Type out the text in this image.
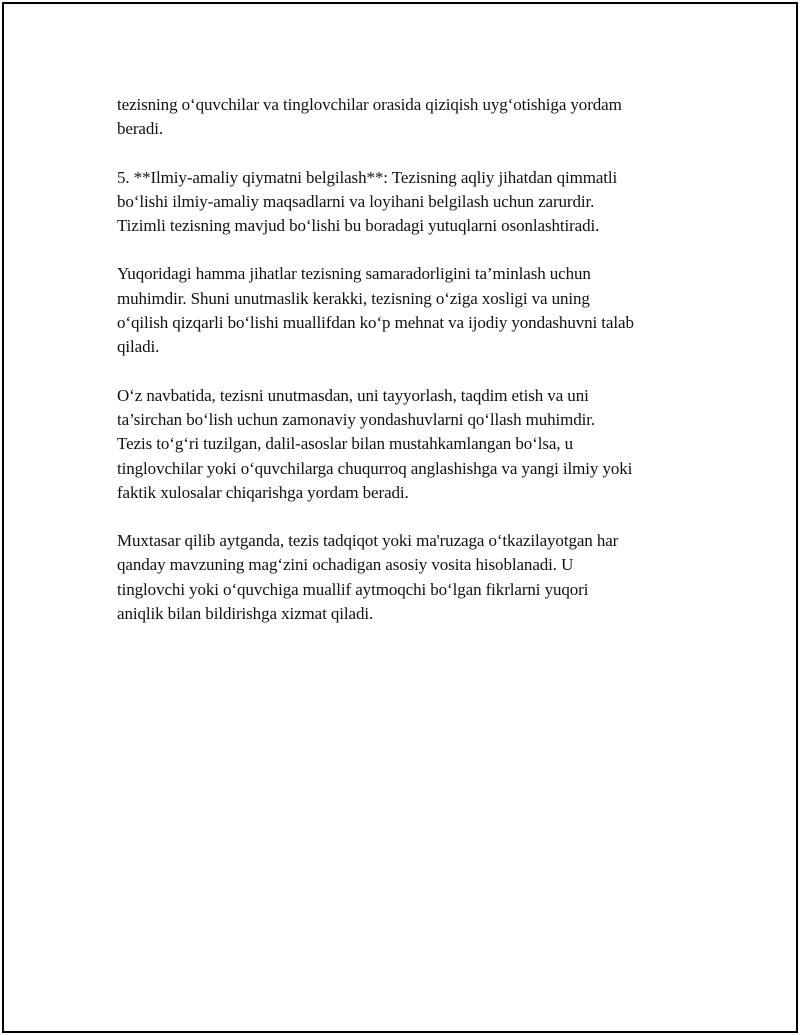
tezisning o‘quvchilar va tinglovchilar orasida qiziqish uyg‘otishiga yordam
beradi.

5. **Ilmiy-amaliy qiymatni belgilash**: Tezisning aqliy jihatdan qimmatli
bo‘lishi ilmiy-amaliy maqsadlarni va loyihani belgilash uchun zarurdir.
Tizimli tezisning mavjud bo‘lishi bu boradagi yutuqlarni osonlashtiradi.

Yuqoridagi hamma jihatlar tezisning samaradorligini ta’minlash uchun
muhimdir. Shuni unutmaslik kerakki, tezisning o‘ziga xosligi va uning
o‘qilish qizqarli bo‘lishi muallifdan ko‘p mehnat va ijodiy yondashuvni talab
qiladi.

O‘z navbatida, tezisni unutmasdan, uni tayyorlash, taqdim etish va uni
ta’sirchan bo‘lish uchun zamonaviy yondashuvlarni qo‘llash muhimdir.
Tezis to‘g‘ri tuzilgan, dalil-asoslar bilan mustahkamlangan bo‘lsa, u
tinglovchilar yoki o‘quvchilarga chuqurroq anglashishga va yangi ilmiy yoki
faktik xulosalar chiqarishga yordam beradi.

Muxtasar qilib aytganda, tezis tadqiqot yoki ma'ruzaga o‘tkazilayotgan har
qanday mavzuning mag‘zini ochadigan asosiy vosita hisoblanadi. U
tinglovchi yoki o‘quvchiga muallif aytmoqchi bo‘lgan fikrlarni yuqori
aniqlik bilan bildirishga xizmat qiladi.
